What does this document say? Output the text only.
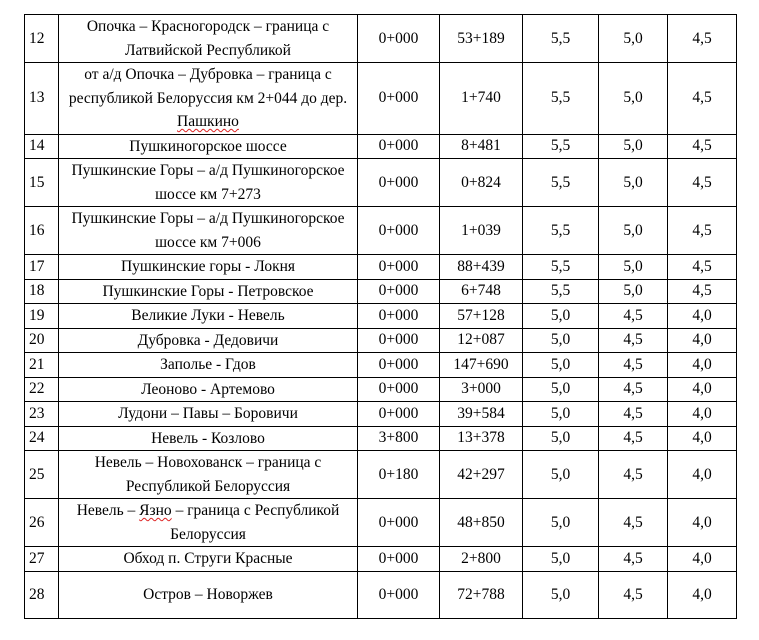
12	Опочка – Красногородск – граница с Латвийской Республикой	0+000	53+189	5,5	5,0	4,5
13	от а/д Опочка – Дубровка – граница с республикой Белоруссия км 2+044 до дер. Пашкино	0+000	1+740	5,5	5,0	4,5
14	Пушкиногорское шоссе	0+000	8+481	5,5	5,0	4,5
15	Пушкинские Горы – а/д Пушкиногорское шоссе км 7+273	0+000	0+824	5,5	5,0	4,5
16	Пушкинские Горы – а/д Пушкиногорское шоссе км 7+006	0+000	1+039	5,5	5,0	4,5
17	Пушкинские горы - Локня	0+000	88+439	5,5	5,0	4,5
18	Пушкинские Горы - Петровское	0+000	6+748	5,5	5,0	4,5
19	Великие Луки - Невель	0+000	57+128	5,0	4,5	4,0
20	Дубровка - Дедовичи	0+000	12+087	5,0	4,5	4,0
21	Заполье - Гдов	0+000	147+690	5,0	4,5	4,0
22	Леоново - Артемово	0+000	3+000	5,0	4,5	4,0
23	Лудони – Павы – Боровичи	0+000	39+584	5,0	4,5	4,0
24	Невель - Козлово	3+800	13+378	5,0	4,5	4,0
25	Невель – Новохованск – граница с Республикой Белоруссия	0+180	42+297	5,0	4,5	4,0
26	Невель – Язно – граница с Республикой Белоруссия	0+000	48+850	5,0	4,5	4,0
27	Обход п. Струги Красные	0+000	2+800	5,0	4,5	4,0
28	Остров – Новоржев	0+000	72+788	5,0	4,5	4,0
